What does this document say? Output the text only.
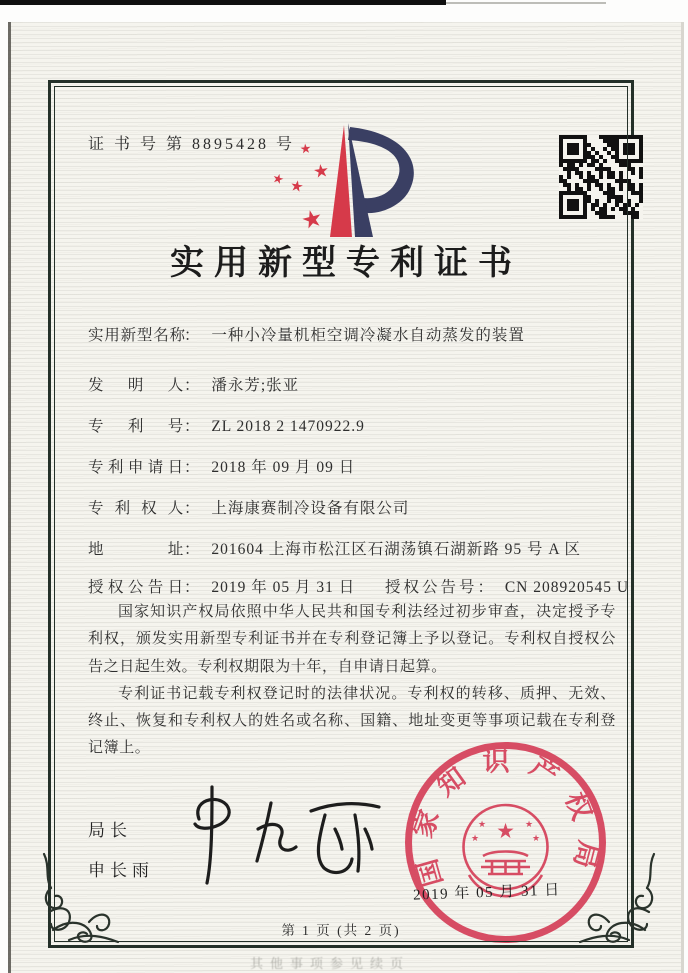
证 书 号 第 8895428 号
★
★
★
★
★
实用新型专利证书
实用新型名称： 一种小冷量机柜空调冷凝水自动蒸发的装置
发明人： 潘永芳;张亚
专利号： ZL 2018 2 1470922.9
专利申请日： 2018 年 09 月 09 日
专利权人： 上海康赛制冷设备有限公司
地址： 201604 上海市松江区石湖荡镇石湖新路 95 号 A 区
授权公告日： 2019 年 05 月 31 日 授权公告号： CN 208920545 U

国家知识产权局依照中华人民共和国专利法经过初步审查，决定授予专利权，颁发实用新型专利证书并在专利登记簿上予以登记。专利权自授权公告之日起生效。专利权期限为十年，自申请日起算。

专利证书记载专利权登记时的法律状况。专利权的转移、质押、无效、终止、恢复和专利权人的姓名或名称、国籍、地址变更等事项记载在专利登记簿上。

局长
申长雨	国家知识产权局
★
★	★
★	★
2019 年 05 月 31 日
第 1 页 (共 2 页)
其他事项参见续页
